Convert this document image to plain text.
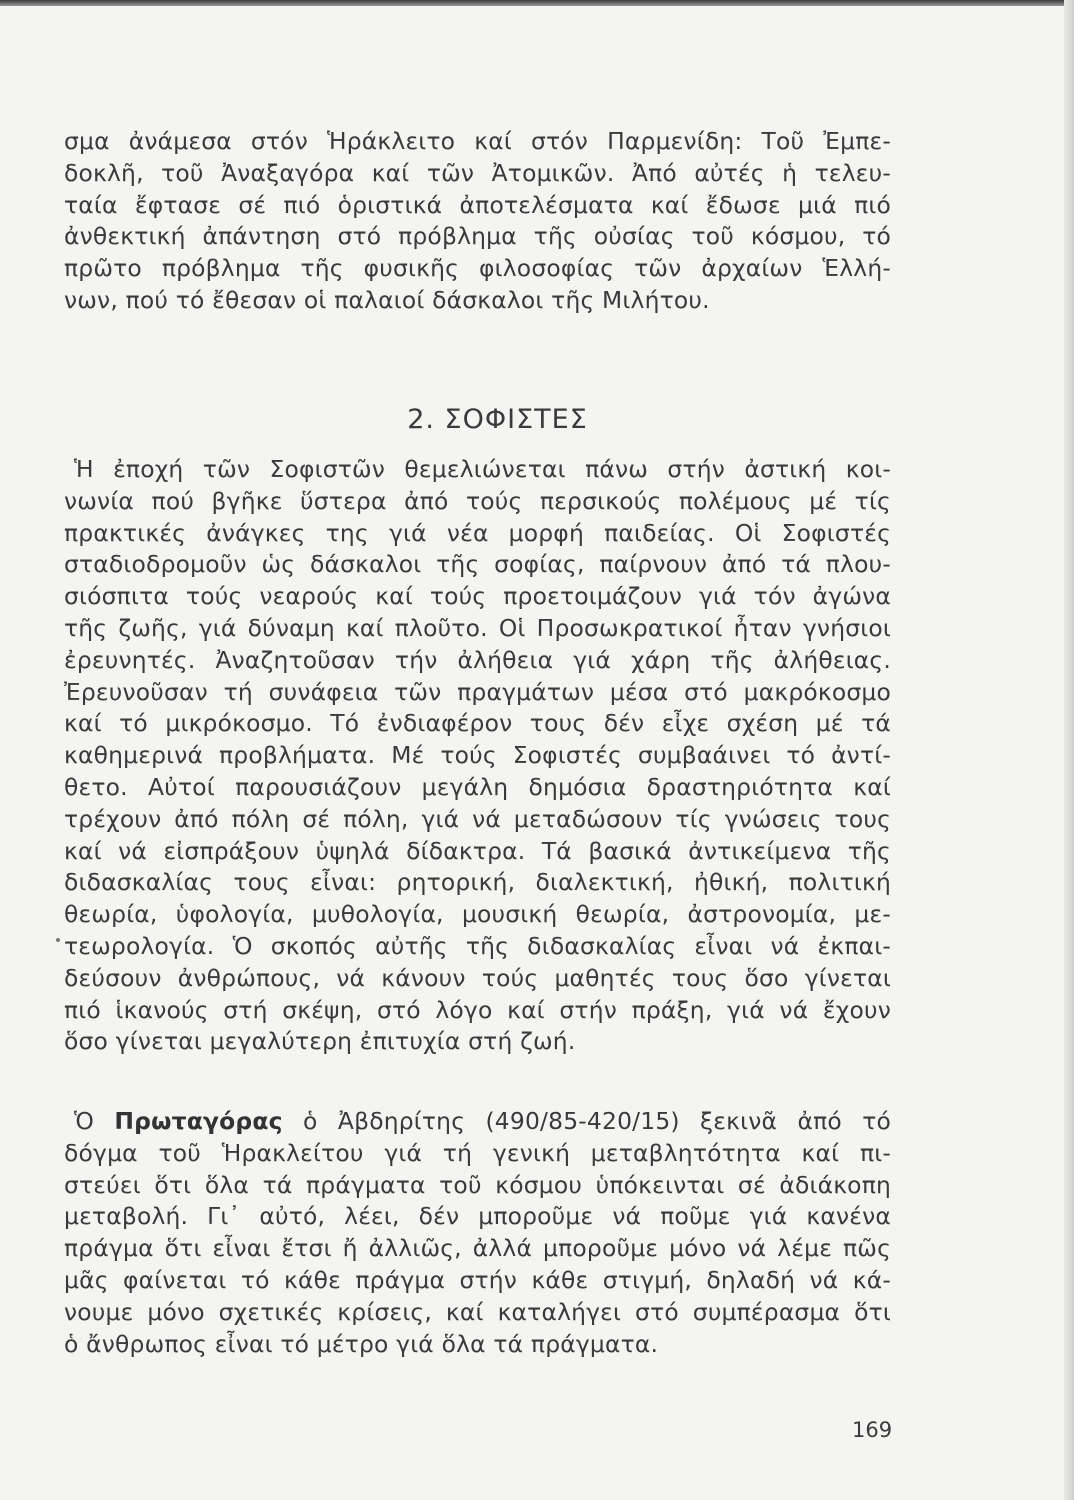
σμα ἀνάμεσα στόν Ἡράκλειτο καί στόν Παρμενίδη: Τοῦ Ἐμπε-
δοκλῆ, τοῦ Ἀναξαγόρα καί τῶν Ἀτομικῶν. Ἀπό αὐτές ἡ τελευ-
ταία ἔφτασε σέ πιό ὁριστικά ἀποτελέσματα καί ἔδωσε μιά πιό
ἀνθεκτική ἀπάντηση στό πρόβλημα τῆς οὐσίας τοῦ κόσμου, τό
πρῶτο πρόβλημα τῆς φυσικῆς φιλοσοφίας τῶν ἀρχαίων Ἑλλή-
νων, πού τό ἔθεσαν οἱ παλαιοί δάσκαλοι τῆς Μιλήτου.
2. ΣΟΦΙΣΤΕΣ
Ἡ ἐποχή τῶν Σοφιστῶν θεμελιώνεται πάνω στήν ἀστική κοι-
νωνία πού βγῆκε ὕστερα ἀπό τούς περσικούς πολέμους μέ τίς
πρακτικές ἀνάγκες της γιά νέα μορφή παιδείας. Οἱ Σοφιστές
σταδιοδρομοῦν ὡς δάσκαλοι τῆς σοφίας, παίρνουν ἀπό τά πλου-
σιόσπιτα τούς νεαρούς καί τούς προετοιμάζουν γιά τόν ἀγώνα
τῆς ζωῆς, γιά δύναμη καί πλοῦτο. Οἱ Προσωκρατικοί ἦταν γνήσιοι
ἐρευνητές. Ἀναζητοῦσαν τήν ἀλήθεια γιά χάρη τῆς ἀλήθειας.
Ἐρευνοῦσαν τή συνάφεια τῶν πραγμάτων μέσα στό μακρόκοσμο
καί τό μικρόκοσμο. Τό ἐνδιαφέρον τους δέν εἶχε σχέση μέ τά
καθημερινά προβλήματα. Μέ τούς Σοφιστές συμβαάινει τό ἀντί-
θετο. Αὐτοί παρουσιάζουν μεγάλη δημόσια δραστηριότητα καί
τρέχουν ἀπό πόλη σέ πόλη, γιά νά μεταδώσουν τίς γνώσεις τους
καί νά εἰσπράξουν ὑψηλά δίδακτρα. Τά βασικά ἀντικείμενα τῆς
διδασκαλίας τους εἶναι: ρητορική, διαλεκτική, ἠθική, πολιτική
θεωρία, ὑφολογία, μυθολογία, μουσική θεωρία, ἀστρονομία, με-
τεωρολογία. Ὁ σκοπός αὐτῆς τῆς διδασκαλίας εἶναι νά ἐκπαι-
δεύσουν ἀνθρώπους, νά κάνουν τούς μαθητές τους ὅσο γίνεται
πιό ἱκανούς στή σκέψη, στό λόγο καί στήν πράξη, γιά νά ἔχουν
ὅσο γίνεται μεγαλύτερη ἐπιτυχία στή ζωή.
Ὁ Πρωταγόρας ὁ Ἀβδηρίτης (490/85-420/15) ξεκινᾶ ἀπό τό
δόγμα τοῦ Ἡρακλείτου γιά τή γενική μεταβλητότητα καί πι-
στεύει ὅτι ὅλα τά πράγματα τοῦ κόσμου ὑπόκεινται σέ ἀδιάκοπη
μεταβολή. Γι᾽ αὐτό, λέει, δέν μποροῦμε νά ποῦμε γιά κανένα
πράγμα ὅτι εἶναι ἔτσι ἤ ἀλλιῶς, ἀλλά μποροῦμε μόνο νά λέμε πῶς
μᾶς φαίνεται τό κάθε πράγμα στήν κάθε στιγμή, δηλαδή νά κά-
νουμε μόνο σχετικές κρίσεις, καί καταλήγει στό συμπέρασμα ὅτι
ὁ ἄνθρωπος εἶναι τό μέτρο γιά ὅλα τά πράγματα.
169
